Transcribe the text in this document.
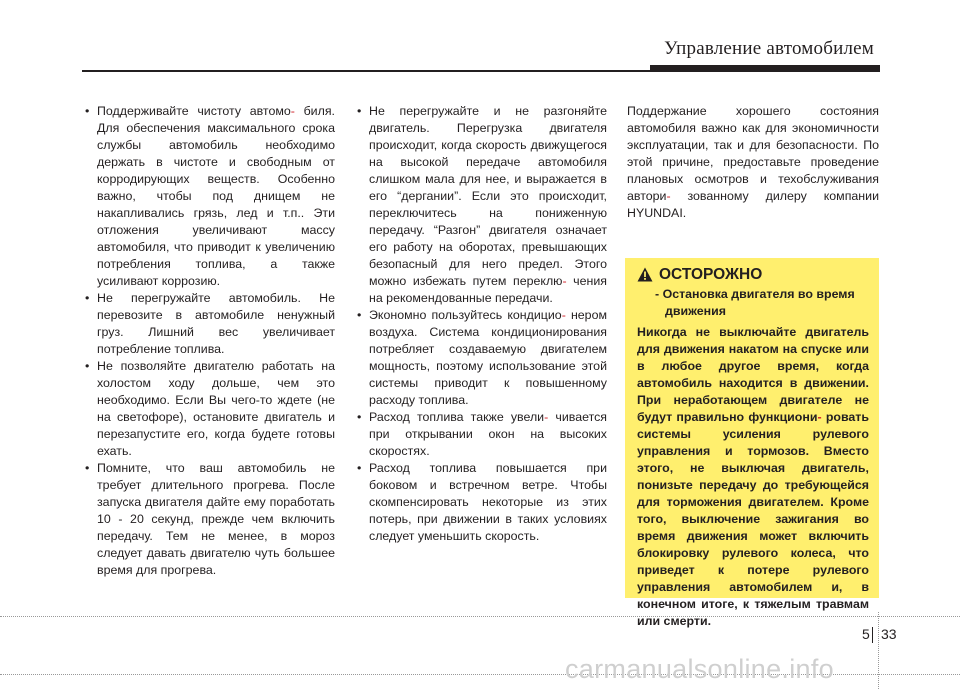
Управление автомобилем
• Поддерживайте чистоту автомо- биля. Для обеспечения максимального срока службы автомобиль необходимо держать в чистоте и свободным от корродирующих веществ. Особенно важно, чтобы под днищем не накапливались грязь, лед и т.п.. Эти отложения увеличивают массу автомобиля, что приводит к увеличению потребления топлива, а также усиливают коррозию.
• Не перегружайте автомобиль. Не перевозите в автомобиле ненужный груз. Лишний вес увеличивает потребление топлива.
• Не позволяйте двигателю работать на холостом ходу дольше, чем это необходимо. Если Вы чего-то ждете (не на светофоре), остановите двигатель и перезапустите его, когда будете готовы ехать.
• Помните, что ваш автомобиль не требует длительного прогрева. После запуска двигателя дайте ему поработать 10 - 20 секунд, прежде чем включить передачу. Тем не менее, в мороз следует давать двигателю чуть большее время для прогрева.
• Не перегружайте и не разгоняйте двигатель. Перегрузка двигателя происходит, когда скорость движущегося на высокой передаче автомобиля слишком мала для нее, и выражается в его “дергании”. Если это происходит, переключитесь на пониженную передачу. “Разгон” двигателя означает его работу на оборотах, превышающих безопасный для него предел. Этого можно избежать путем переклю- чения на рекомендованные передачи.
• Экономно пользуйтесь кондицио- нером воздуха. Система кондиционирования потребляет создаваемую двигателем мощность, поэтому использование этой системы приводит к повышенному расходу топлива.
• Расход топлива также увели- чивается при открывании окон на высоких скоростях.
• Расход топлива повышается при боковом и встречном ветре. Чтобы скомпенсировать некоторые из этих потерь, при движении в таких условиях следует уменьшить скорость.

Поддержание хорошего состояния автомобиля важно как для экономичности эксплуатации, так и для безопасности. По этой причине, предоставьте проведение плановых осмотров и техобслуживания автори- зованному дилеру компании HYUNDAI.

ОСТОРОЖНО

- Остановка двигателя во время движения

Никогда не выключайте двигатель для движения накатом на спуске или в любое другое время, когда автомобиль находится в движении. При неработающем двигателе не будут правильно функциони- ровать системы усиления рулевого управления и тормозов. Вместо этого, не выключая двигатель, понизьте передачу до требующейся для торможения двигателем. Кроме того, выключение зажигания во время движения может включить блокировку рулевого колеса, что приведет к потере рулевого управления автомобилем и, в конечном итоге, к тяжелым травмам или смерти.

5 33
carmanualsonline.info
